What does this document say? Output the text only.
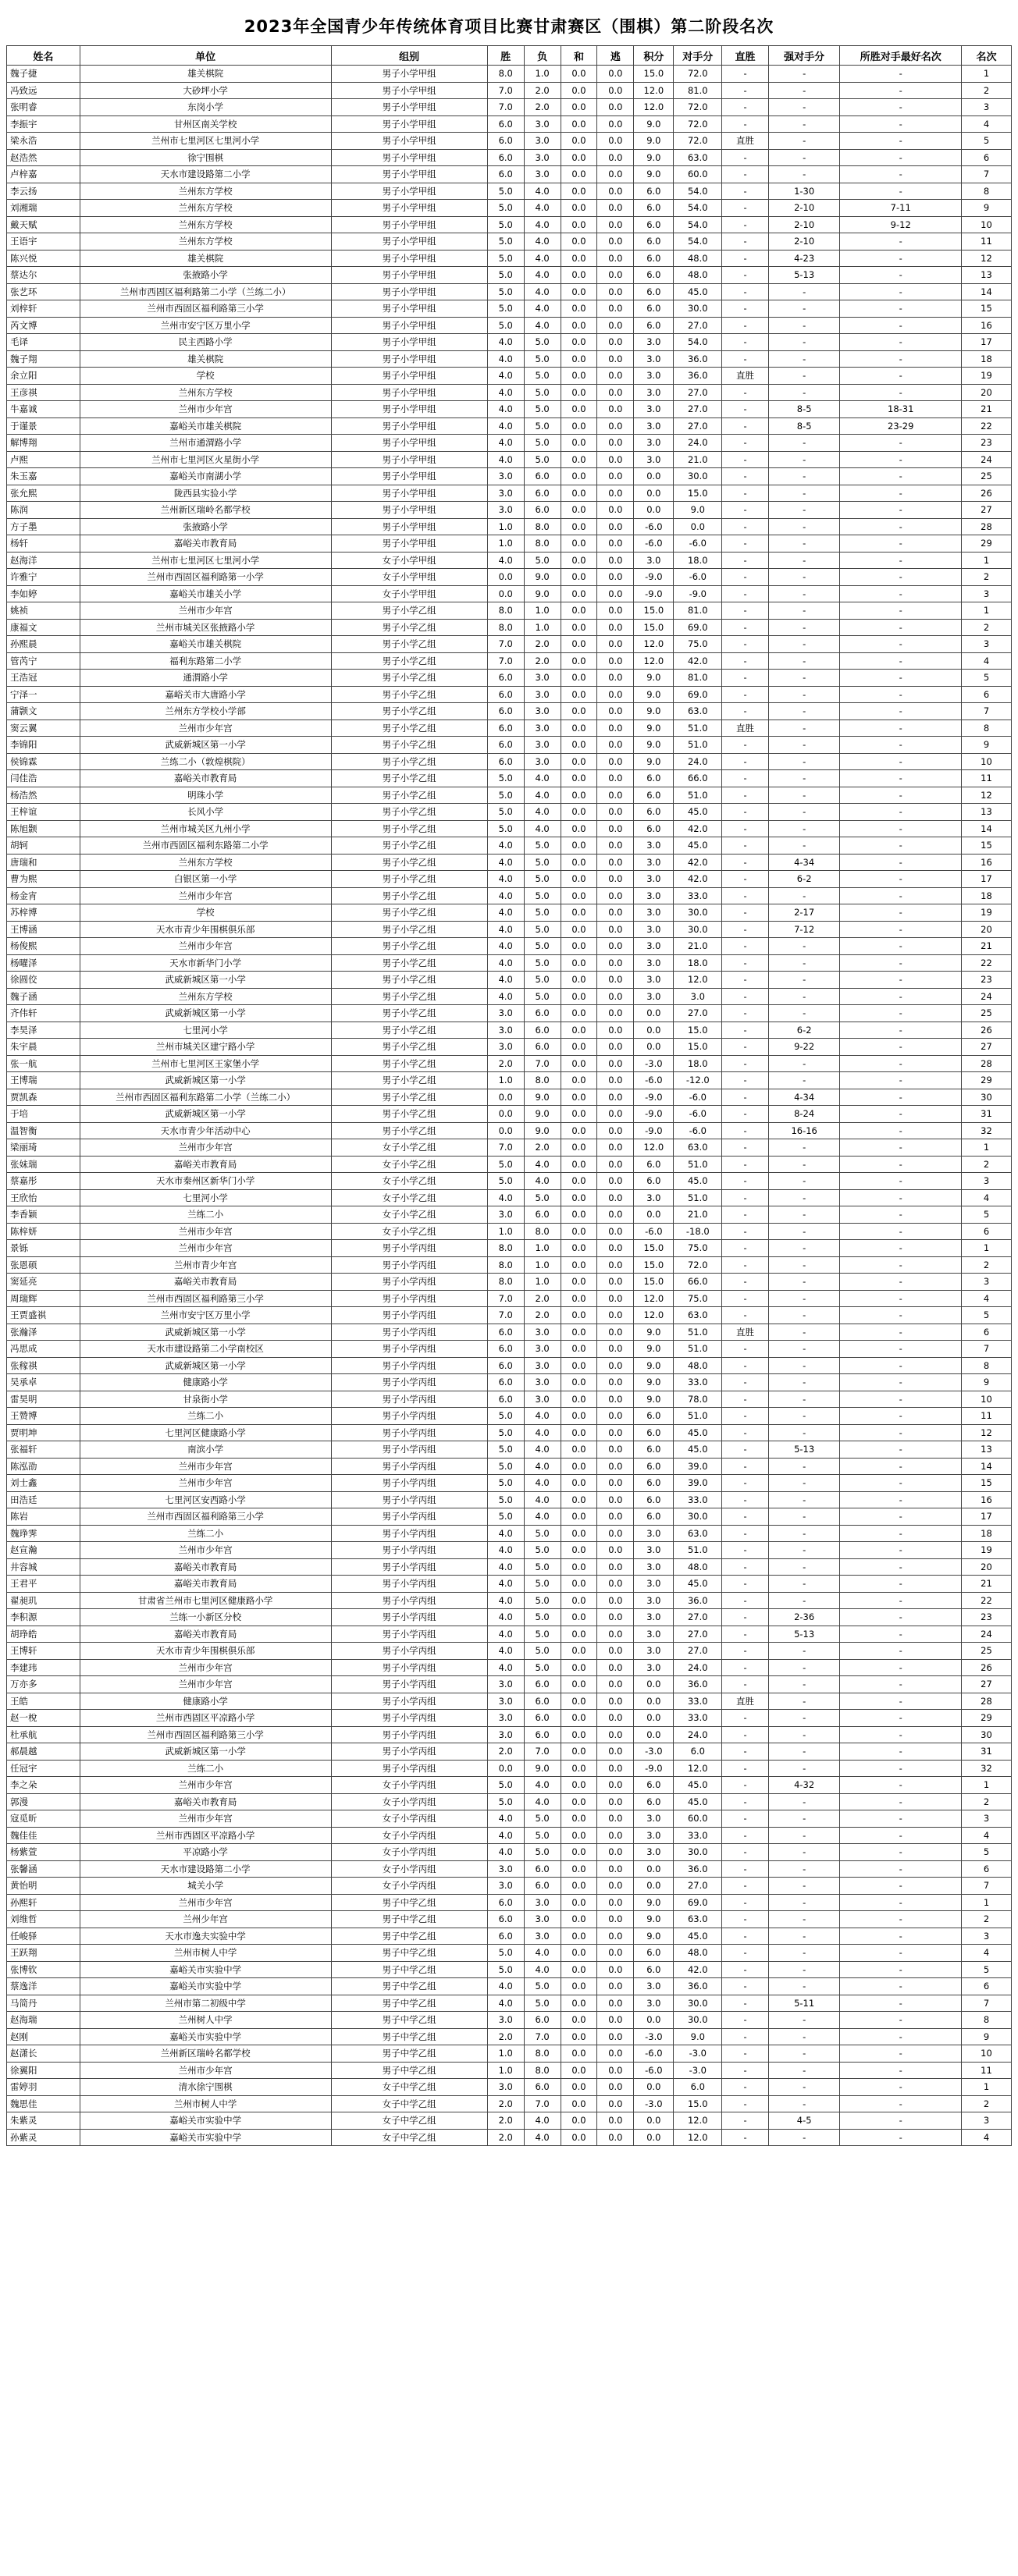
2023年全国青少年传统体育项目比赛甘肃赛区（围棋）第二阶段名次
姓名	单位	组别	胜	负	和	逃	积分	对手分	直胜	强对手分	所胜对手最好名次	名次
魏子捷	雄关棋院	男子小学甲组	8.0	1.0	0.0	0.0	15.0	72.0	-	-	-	1
冯致远	大砂坪小学	男子小学甲组	7.0	2.0	0.0	0.0	12.0	81.0	-	-	-	2
张明睿	东岗小学	男子小学甲组	7.0	2.0	0.0	0.0	12.0	72.0	-	-	-	3
李振宇	甘州区南关学校	男子小学甲组	6.0	3.0	0.0	0.0	9.0	72.0	-	-	-	4
梁永浩	兰州市七里河区七里河小学	男子小学甲组	6.0	3.0	0.0	0.0	9.0	72.0	直胜	-	-	5
赵浩然	徐宁围棋	男子小学甲组	6.0	3.0	0.0	0.0	9.0	63.0	-	-	-	6
卢梓嘉	天水市建设路第二小学	男子小学甲组	6.0	3.0	0.0	0.0	9.0	60.0	-	-	-	7
李云扬	兰州东方学校	男子小学甲组	5.0	4.0	0.0	0.0	6.0	54.0	-	1-30	-	8
刘湘瑞	兰州东方学校	男子小学甲组	5.0	4.0	0.0	0.0	6.0	54.0	-	2-10	7-11	9
戴天赋	兰州东方学校	男子小学甲组	5.0	4.0	0.0	0.0	6.0	54.0	-	2-10	9-12	10
王语宇	兰州东方学校	男子小学甲组	5.0	4.0	0.0	0.0	6.0	54.0	-	2-10	-	11
陈兴悦	雄关棋院	男子小学甲组	5.0	4.0	0.0	0.0	6.0	48.0	-	4-23	-	12
蔡达尔	张掖路小学	男子小学甲组	5.0	4.0	0.0	0.0	6.0	48.0	-	5-13	-	13
张艺环	兰州市西固区福利路第二小学（兰练二小）	男子小学甲组	5.0	4.0	0.0	0.0	6.0	45.0	-	-	-	14
刘梓轩	兰州市西固区福利路第三小学	男子小学甲组	5.0	4.0	0.0	0.0	6.0	30.0	-	-	-	15
芮文博	兰州市安宁区万里小学	男子小学甲组	5.0	4.0	0.0	0.0	6.0	27.0	-	-	-	16
毛译	民主西路小学	男子小学甲组	4.0	5.0	0.0	0.0	3.0	54.0	-	-	-	17
魏子翔	雄关棋院	男子小学甲组	4.0	5.0	0.0	0.0	3.0	36.0	-	-	-	18
余立阳	学校	男子小学甲组	4.0	5.0	0.0	0.0	3.0	36.0	直胜	-	-	19
王彦祺	兰州东方学校	男子小学甲组	4.0	5.0	0.0	0.0	3.0	27.0	-	-	-	20
牛嘉诚	兰州市少年宫	男子小学甲组	4.0	5.0	0.0	0.0	3.0	27.0	-	8-5	18-31	21
于谨景	嘉峪关市雄关棋院	男子小学甲组	4.0	5.0	0.0	0.0	3.0	27.0	-	8-5	23-29	22
解博翔	兰州市通渭路小学	男子小学甲组	4.0	5.0	0.0	0.0	3.0	24.0	-	-	-	23
卢熙	兰州市七里河区火星街小学	男子小学甲组	4.0	5.0	0.0	0.0	3.0	21.0	-	-	-	24
朱玉嘉	嘉峪关市南湖小学	男子小学甲组	3.0	6.0	0.0	0.0	0.0	30.0	-	-	-	25
张允熙	陇西县实验小学	男子小学甲组	3.0	6.0	0.0	0.0	0.0	15.0	-	-	-	26
陈润	兰州新区瑞岭名都学校	男子小学甲组	3.0	6.0	0.0	0.0	0.0	9.0	-	-	-	27
方子墨	张掖路小学	男子小学甲组	1.0	8.0	0.0	0.0	-6.0	0.0	-	-	-	28
杨轩	嘉峪关市教育局	男子小学甲组	1.0	8.0	0.0	0.0	-6.0	-6.0	-	-	-	29
赵海洋	兰州市七里河区七里河小学	女子小学甲组	4.0	5.0	0.0	0.0	3.0	18.0	-	-	-	1
许雅宁	兰州市西固区福利路第一小学	女子小学甲组	0.0	9.0	0.0	0.0	-9.0	-6.0	-	-	-	2
李如婷	嘉峪关市雄关小学	女子小学甲组	0.0	9.0	0.0	0.0	-9.0	-9.0	-	-	-	3
姚祯	兰州市少年宫	男子小学乙组	8.0	1.0	0.0	0.0	15.0	81.0	-	-	-	1
康福文	兰州市城关区张掖路小学	男子小学乙组	8.0	1.0	0.0	0.0	15.0	69.0	-	-	-	2
孙熙晨	嘉峪关市雄关棋院	男子小学乙组	7.0	2.0	0.0	0.0	12.0	75.0	-	-	-	3
管芮宁	福利东路第二小学	男子小学乙组	7.0	2.0	0.0	0.0	12.0	42.0	-	-	-	4
王浩冠	通渭路小学	男子小学乙组	6.0	3.0	0.0	0.0	9.0	81.0	-	-	-	5
宁泽一	嘉峪关市大唐路小学	男子小学乙组	6.0	3.0	0.0	0.0	9.0	69.0	-	-	-	6
蒲颢文	兰州东方学校小学部	男子小学乙组	6.0	3.0	0.0	0.0	9.0	63.0	-	-	-	7
窦云翼	兰州市少年宫	男子小学乙组	6.0	3.0	0.0	0.0	9.0	51.0	直胜	-	-	8
李锦阳	武威新城区第一小学	男子小学乙组	6.0	3.0	0.0	0.0	9.0	51.0	-	-	-	9
侯锦霖	兰练二小（敦煌棋院）	男子小学乙组	6.0	3.0	0.0	0.0	9.0	24.0	-	-	-	10
闫佳浩	嘉峪关市教育局	男子小学乙组	5.0	4.0	0.0	0.0	6.0	66.0	-	-	-	11
杨浩然	明珠小学	男子小学乙组	5.0	4.0	0.0	0.0	6.0	51.0	-	-	-	12
王梓谊	长风小学	男子小学乙组	5.0	4.0	0.0	0.0	6.0	45.0	-	-	-	13
陈旭颢	兰州市城关区九州小学	男子小学乙组	5.0	4.0	0.0	0.0	6.0	42.0	-	-	-	14
胡轲	兰州市西固区福利东路第二小学	男子小学乙组	4.0	5.0	0.0	0.0	3.0	45.0	-	-	-	15
唐瑞和	兰州东方学校	男子小学乙组	4.0	5.0	0.0	0.0	3.0	42.0	-	4-34	-	16
曹为熙	白银区第一小学	男子小学乙组	4.0	5.0	0.0	0.0	3.0	42.0	-	6-2	-	17
杨金宵	兰州市少年宫	男子小学乙组	4.0	5.0	0.0	0.0	3.0	33.0	-	-	-	18
苏梓博	学校	男子小学乙组	4.0	5.0	0.0	0.0	3.0	30.0	-	2-17	-	19
王博涵	天水市青少年围棋俱乐部	男子小学乙组	4.0	5.0	0.0	0.0	3.0	30.0	-	7-12	-	20
杨俊熙	兰州市少年宫	男子小学乙组	4.0	5.0	0.0	0.0	3.0	21.0	-	-	-	21
杨曜泽	天水市新华门小学	男子小学乙组	4.0	5.0	0.0	0.0	3.0	18.0	-	-	-	22
徐圆佼	武威新城区第一小学	男子小学乙组	4.0	5.0	0.0	0.0	3.0	12.0	-	-	-	23
魏子涵	兰州东方学校	男子小学乙组	4.0	5.0	0.0	0.0	3.0	3.0	-	-	-	24
齐伟轩	武威新城区第一小学	男子小学乙组	3.0	6.0	0.0	0.0	0.0	27.0	-	-	-	25
李昊泽	七里河小学	男子小学乙组	3.0	6.0	0.0	0.0	0.0	15.0	-	6-2	-	26
朱宇晨	兰州市城关区建宁路小学	男子小学乙组	3.0	6.0	0.0	0.0	0.0	15.0	-	9-22	-	27
张一航	兰州市七里河区王家堡小学	男子小学乙组	2.0	7.0	0.0	0.0	-3.0	18.0	-	-	-	28
王博瑞	武威新城区第一小学	男子小学乙组	1.0	8.0	0.0	0.0	-6.0	-12.0	-	-	-	29
贾凯森	兰州市西固区福利东路第二小学（兰练二小）	男子小学乙组	0.0	9.0	0.0	0.0	-9.0	-6.0	-	4-34	-	30
于培	武威新城区第一小学	男子小学乙组	0.0	9.0	0.0	0.0	-9.0	-6.0	-	8-24	-	31
温智衡	天水市青少年活动中心	男子小学乙组	0.0	9.0	0.0	0.0	-9.0	-6.0	-	16-16	-	32
梁丽琦	兰州市少年宫	女子小学乙组	7.0	2.0	0.0	0.0	12.0	63.0	-	-	-	1
张妹瑞	嘉峪关市教育局	女子小学乙组	5.0	4.0	0.0	0.0	6.0	51.0	-	-	-	2
蔡嘉彤	天水市秦州区新华门小学	女子小学乙组	5.0	4.0	0.0	0.0	6.0	45.0	-	-	-	3
王欣怡	七里河小学	女子小学乙组	4.0	5.0	0.0	0.0	3.0	51.0	-	-	-	4
李香颖	兰练二小	女子小学乙组	3.0	6.0	0.0	0.0	0.0	21.0	-	-	-	5
陈梓妍	兰州市少年宫	女子小学乙组	1.0	8.0	0.0	0.0	-6.0	-18.0	-	-	-	6
景铄	兰州市少年宫	男子小学丙组	8.0	1.0	0.0	0.0	15.0	75.0	-	-	-	1
张恩硕	兰州市青少年宫	男子小学丙组	8.0	1.0	0.0	0.0	15.0	72.0	-	-	-	2
窦延亮	嘉峪关市教育局	男子小学丙组	8.0	1.0	0.0	0.0	15.0	66.0	-	-	-	3
周瑞辉	兰州市西固区福利路第三小学	男子小学丙组	7.0	2.0	0.0	0.0	12.0	75.0	-	-	-	4
王贾盛祺	兰州市安宁区万里小学	男子小学丙组	7.0	2.0	0.0	0.0	12.0	63.0	-	-	-	5
张瀚泽	武威新城区第一小学	男子小学丙组	6.0	3.0	0.0	0.0	9.0	51.0	直胜	-	-	6
冯思成	天水市建设路第二小学南校区	男子小学丙组	6.0	3.0	0.0	0.0	9.0	51.0	-	-	-	7
张稼祺	武威新城区第一小学	男子小学丙组	6.0	3.0	0.0	0.0	9.0	48.0	-	-	-	8
吴承卓	健康路小学	男子小学丙组	6.0	3.0	0.0	0.0	9.0	33.0	-	-	-	9
雷昊明	甘泉街小学	男子小学丙组	6.0	3.0	0.0	0.0	9.0	78.0	-	-	-	10
王赞博	兰练二小	男子小学丙组	5.0	4.0	0.0	0.0	6.0	51.0	-	-	-	11
贾明坤	七里河区健康路小学	男子小学丙组	5.0	4.0	0.0	0.0	6.0	45.0	-	-	-	12
张福轩	南滨小学	男子小学丙组	5.0	4.0	0.0	0.0	6.0	45.0	-	5-13	-	13
陈泓劭	兰州市少年宫	男子小学丙组	5.0	4.0	0.0	0.0	6.0	39.0	-	-	-	14
刘士鑫	兰州市少年宫	男子小学丙组	5.0	4.0	0.0	0.0	6.0	39.0	-	-	-	15
田浩廷	七里河区安西路小学	男子小学丙组	5.0	4.0	0.0	0.0	6.0	33.0	-	-	-	16
陈岩	兰州市西固区福利路第三小学	男子小学丙组	5.0	4.0	0.0	0.0	6.0	30.0	-	-	-	17
魏琤霁	兰练二小	男子小学丙组	4.0	5.0	0.0	0.0	3.0	63.0	-	-	-	18
赵宣瀚	兰州市少年宫	男子小学丙组	4.0	5.0	0.0	0.0	3.0	51.0	-	-	-	19
井容城	嘉峪关市教育局	男子小学丙组	4.0	5.0	0.0	0.0	3.0	48.0	-	-	-	20
王君平	嘉峪关市教育局	男子小学丙组	4.0	5.0	0.0	0.0	3.0	45.0	-	-	-	21
翟昶玑	甘肃省兰州市七里河区健康路小学	男子小学丙组	4.0	5.0	0.0	0.0	3.0	36.0	-	-	-	22
李积源	兰练一小新区分校	男子小学丙组	4.0	5.0	0.0	0.0	3.0	27.0	-	2-36	-	23
胡琤皓	嘉峪关市教育局	男子小学丙组	4.0	5.0	0.0	0.0	3.0	27.0	-	5-13	-	24
王博轩	天水市青少年围棋俱乐部	男子小学丙组	4.0	5.0	0.0	0.0	3.0	27.0	-	-	-	25
李建玮	兰州市少年宫	男子小学丙组	4.0	5.0	0.0	0.0	3.0	24.0	-	-	-	26
万亦多	兰州市少年宫	男子小学丙组	3.0	6.0	0.0	0.0	0.0	36.0	-	-	-	27
王皓	健康路小学	男子小学丙组	3.0	6.0	0.0	0.0	0.0	33.0	直胜	-	-	28
赵一梲	兰州市西固区平凉路小学	男子小学丙组	3.0	6.0	0.0	0.0	0.0	33.0	-	-	-	29
杜承航	兰州市西固区福利路第三小学	男子小学丙组	3.0	6.0	0.0	0.0	0.0	24.0	-	-	-	30
郝晨越	武威新城区第一小学	男子小学丙组	2.0	7.0	0.0	0.0	-3.0	6.0	-	-	-	31
任冠宇	兰练二小	男子小学丙组	0.0	9.0	0.0	0.0	-9.0	12.0	-	-	-	32
李之朵	兰州市少年宫	女子小学丙组	5.0	4.0	0.0	0.0	6.0	45.0	-	4-32	-	1
郭漫	嘉峪关市教育局	女子小学丙组	5.0	4.0	0.0	0.0	6.0	45.0	-	-	-	2
寇觅昕	兰州市少年宫	女子小学丙组	4.0	5.0	0.0	0.0	3.0	60.0	-	-	-	3
魏佳佳	兰州市西固区平凉路小学	女子小学丙组	4.0	5.0	0.0	0.0	3.0	33.0	-	-	-	4
杨紫萱	平凉路小学	女子小学丙组	4.0	5.0	0.0	0.0	3.0	30.0	-	-	-	5
张馨涵	天水市建设路第二小学	女子小学丙组	3.0	6.0	0.0	0.0	0.0	36.0	-	-	-	6
黄怡明	城关小学	女子小学丙组	3.0	6.0	0.0	0.0	0.0	27.0	-	-	-	7
孙熙轩	兰州市少年宫	男子中学乙组	6.0	3.0	0.0	0.0	9.0	69.0	-	-	-	1
刘维哲	兰州少年宫	男子中学乙组	6.0	3.0	0.0	0.0	9.0	63.0	-	-	-	2
任峻驿	天水市逸夫实验中学	男子中学乙组	6.0	3.0	0.0	0.0	9.0	45.0	-	-	-	3
王跃翔	兰州市树人中学	男子中学乙组	5.0	4.0	0.0	0.0	6.0	48.0	-	-	-	4
张博钦	嘉峪关市实验中学	男子中学乙组	5.0	4.0	0.0	0.0	6.0	42.0	-	-	-	5
蔡逸洋	嘉峪关市实验中学	男子中学乙组	4.0	5.0	0.0	0.0	3.0	36.0	-	-	-	6
马简丹	兰州市第二初级中学	男子中学乙组	4.0	5.0	0.0	0.0	3.0	30.0	-	5-11	-	7
赵海瑞	兰州树人中学	男子中学乙组	3.0	6.0	0.0	0.0	0.0	30.0	-	-	-	8
赵刚	嘉峪关市实验中学	男子中学乙组	2.0	7.0	0.0	0.0	-3.0	9.0	-	-	-	9
赵潇长	兰州新区瑞岭名都学校	男子中学乙组	1.0	8.0	0.0	0.0	-6.0	-3.0	-	-	-	10
徐翼阳	兰州市少年宫	男子中学乙组	1.0	8.0	0.0	0.0	-6.0	-3.0	-	-	-	11
雷婷羽	清水徐宁围棋	女子中学乙组	3.0	6.0	0.0	0.0	0.0	6.0	-	-	-	1
魏思佳	兰州市树人中学	女子中学乙组	2.0	7.0	0.0	0.0	-3.0	15.0	-	-	-	2
朱紫灵	嘉峪关市实验中学	女子中学乙组	2.0	4.0	0.0	0.0	0.0	12.0	-	4-5	-	3
孙紫灵	嘉峪关市实验中学	女子中学乙组	2.0	4.0	0.0	0.0	0.0	12.0	-	-	-	4
